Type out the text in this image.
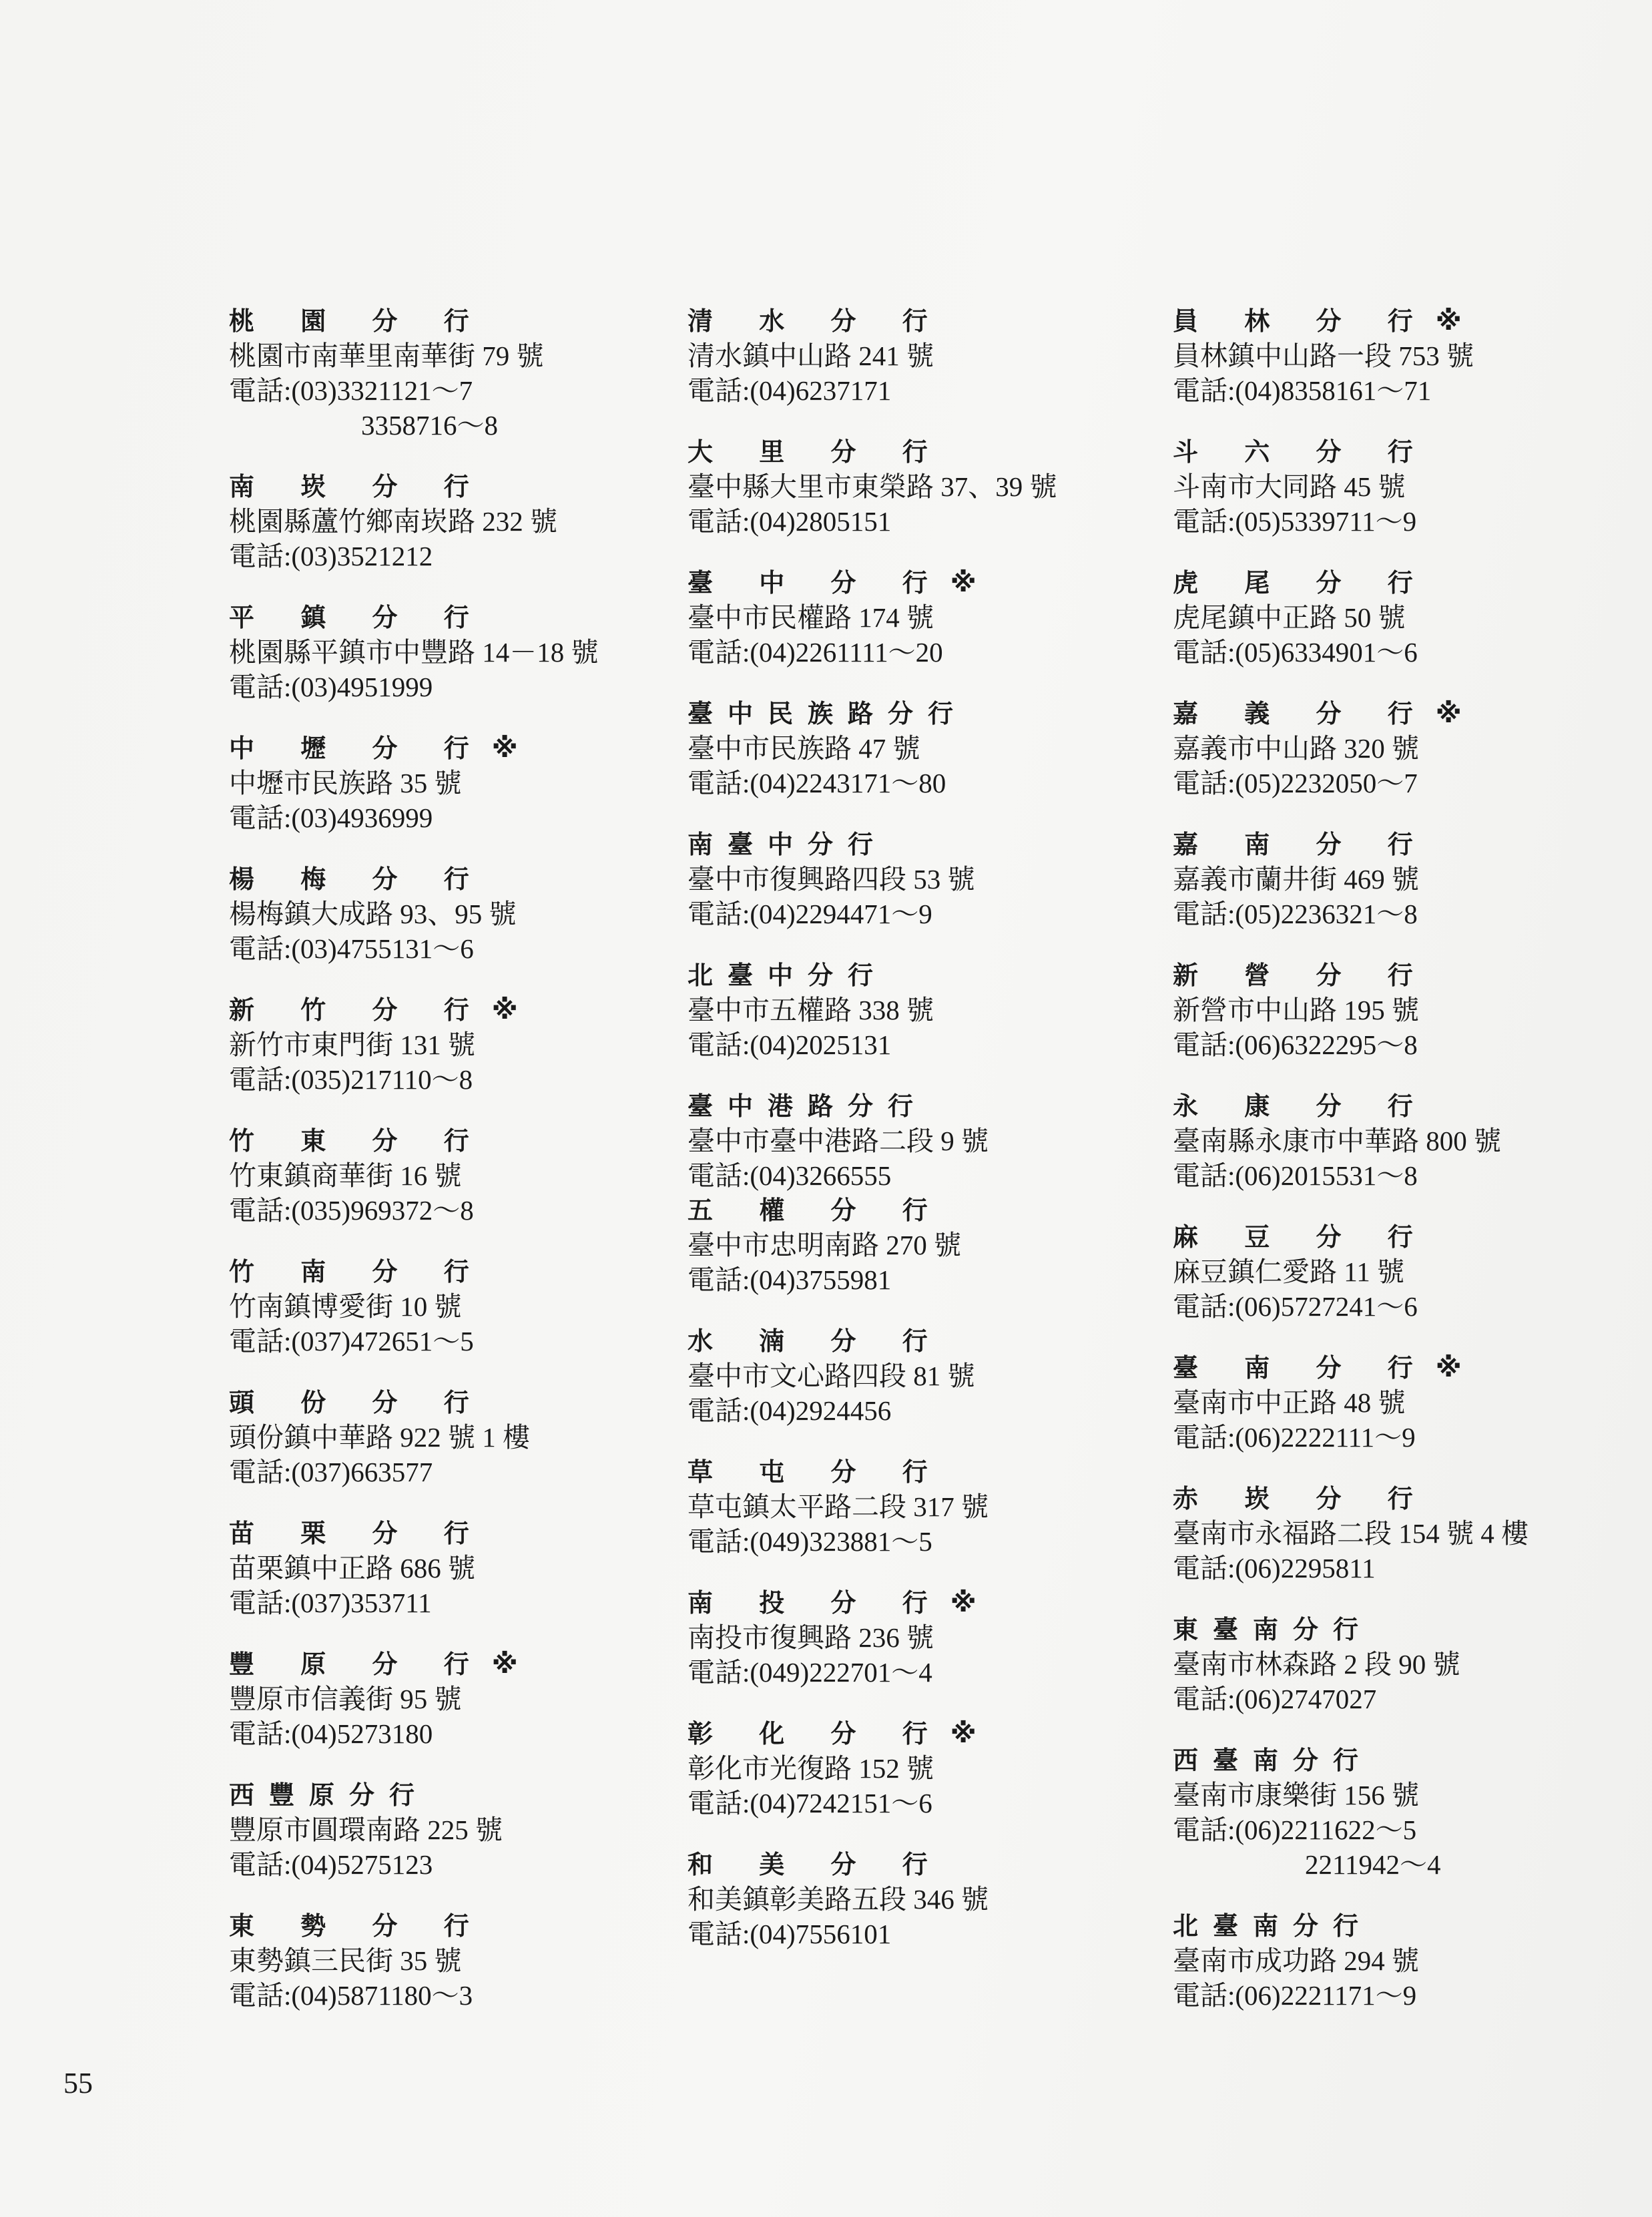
桃 園 分 行
桃園市南華里南華街 79 號
電話:(03)3321121～7
3358716～8
南 崁 分 行
桃園縣蘆竹鄉南崁路 232 號
電話:(03)3521212
平 鎮 分 行
桃園縣平鎮市中豐路 14－18 號
電話:(03)4951999
中 壢 分 行 ※
中壢市民族路 35 號
電話:(03)4936999
楊 梅 分 行
楊梅鎮大成路 93、95 號
電話:(03)4755131～6
新 竹 分 行 ※
新竹市東門街 131 號
電話:(035)217110～8
竹 東 分 行
竹東鎮商華街 16 號
電話:(035)969372～8
竹 南 分 行
竹南鎮博愛街 10 號
電話:(037)472651～5
頭 份 分 行
頭份鎮中華路 922 號 1 樓
電話:(037)663577
苗 栗 分 行
苗栗鎮中正路 686 號
電話:(037)353711
豐 原 分 行 ※
豐原市信義街 95 號
電話:(04)5273180
西豐原分行
豐原市圓環南路 225 號
電話:(04)5275123
東 勢 分 行
東勢鎮三民街 35 號
電話:(04)5871180～3
清 水 分 行
清水鎮中山路 241 號
電話:(04)6237171
大 里 分 行
臺中縣大里市東榮路 37、39 號
電話:(04)2805151
臺 中 分 行 ※
臺中市民權路 174 號
電話:(04)2261111～20
臺中民族路分行
臺中市民族路 47 號
電話:(04)2243171～80
南臺中分行
臺中市復興路四段 53 號
電話:(04)2294471～9
北臺中分行
臺中市五權路 338 號
電話:(04)2025131
臺中港路分行
臺中市臺中港路二段 9 號
電話:(04)3266555
五 權 分 行
臺中市忠明南路 270 號
電話:(04)3755981
水 湳 分 行
臺中市文心路四段 81 號
電話:(04)2924456
草 屯 分 行
草屯鎮太平路二段 317 號
電話:(049)323881～5
南 投 分 行 ※
南投市復興路 236 號
電話:(049)222701～4
彰 化 分 行 ※
彰化市光復路 152 號
電話:(04)7242151～6
和 美 分 行
和美鎮彰美路五段 346 號
電話:(04)7556101
員 林 分 行 ※
員林鎮中山路一段 753 號
電話:(04)8358161～71
斗 六 分 行
斗南市大同路 45 號
電話:(05)5339711～9
虎 尾 分 行
虎尾鎮中正路 50 號
電話:(05)6334901～6
嘉 義 分 行 ※
嘉義市中山路 320 號
電話:(05)2232050～7
嘉 南 分 行
嘉義市蘭井街 469 號
電話:(05)2236321～8
新 營 分 行
新營市中山路 195 號
電話:(06)6322295～8
永 康 分 行
臺南縣永康市中華路 800 號
電話:(06)2015531～8
麻 豆 分 行
麻豆鎮仁愛路 11 號
電話:(06)5727241～6
臺 南 分 行 ※
臺南市中正路 48 號
電話:(06)2222111～9
赤 崁 分 行
臺南市永福路二段 154 號 4 樓
電話:(06)2295811
東臺南分行
臺南市林森路 2 段 90 號
電話:(06)2747027
西臺南分行
臺南市康樂街 156 號
電話:(06)2211622～5
2211942～4
北臺南分行
臺南市成功路 294 號
電話:(06)2221171～9
55
